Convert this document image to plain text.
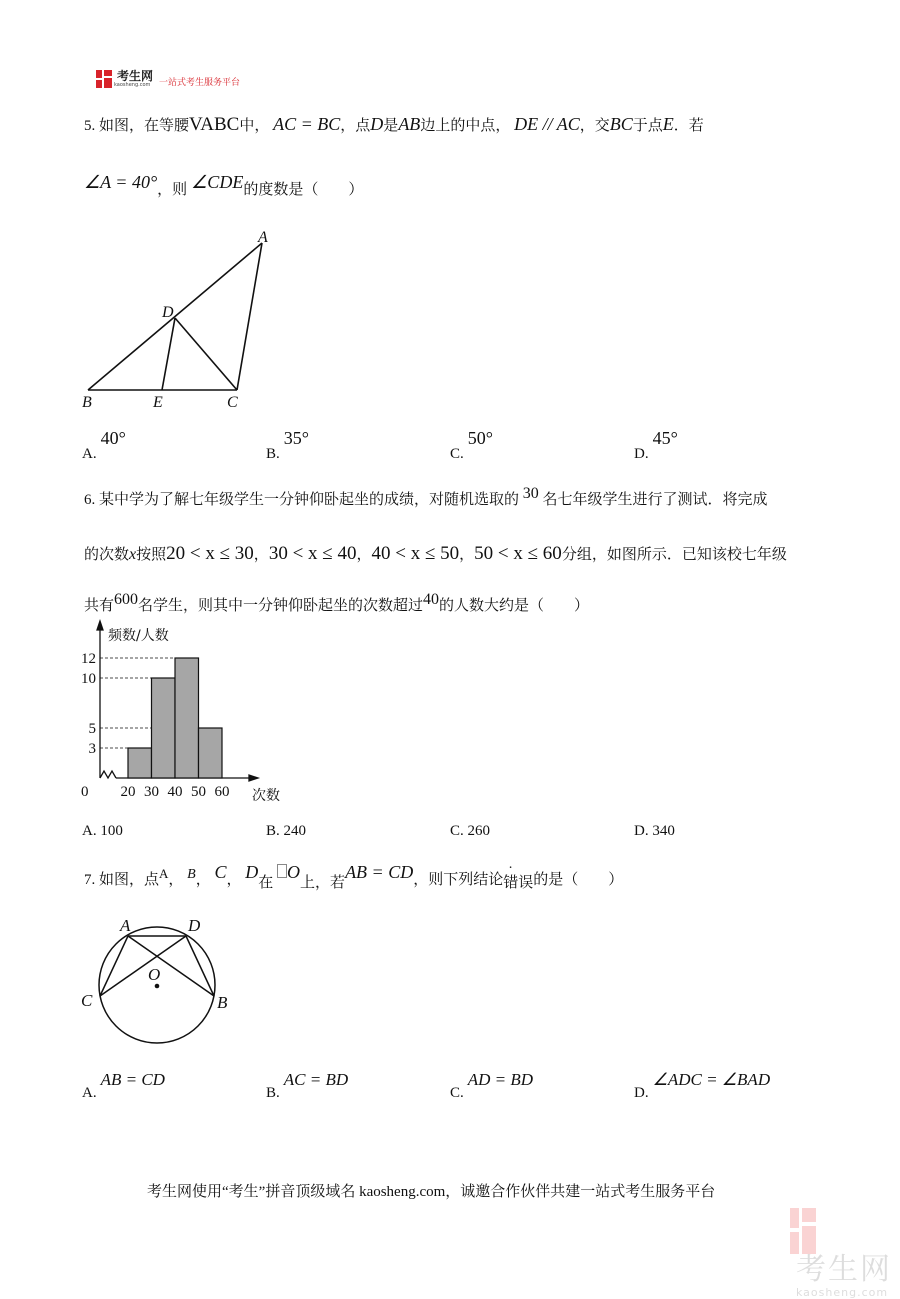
考生网
kaosheng.com 一站式考生服务平台
5. 如图，在等腰VABC中， AC = BC，点D是AB边上的中点， DE // AC，交BC于点E．若
∠A = 40°，则 ∠CDE的度数是（　　）
A
D
B	E	C
A. 40°
B. 35°
C. 50°
D. 45°
6. 某中学为了解七年级学生一分钟仰卧起坐的成绩，对随机选取的 30 名七年级学生进行了测试．将完成
的次数x按照20 < x ≤ 30，30 < x ≤ 40，40 < x ≤ 50，50 < x ≤ 60分组，如图所示．已知该校七年级
共有600名学生，则其中一分钟仰卧起坐的次数超过40的人数大约是（　　）
3
5
10
12
20 30 40 50 60
0
频数/人数
次数
A. 100	B. 240	C. 260	D. 340
7. 如图，点A， B， C， D在 O上，若AB = CD，则下列结论错误的是（　　）
A	D
O
C	B
A. AB = CD
B. AC = BD
C. AD = BD
D. ∠ADC = ∠BAD
考生网使用“考生”拼音顶级域名 kaosheng.com，诚邀合作伙伴共建一站式考生服务平台

考生网
kaosheng.com
